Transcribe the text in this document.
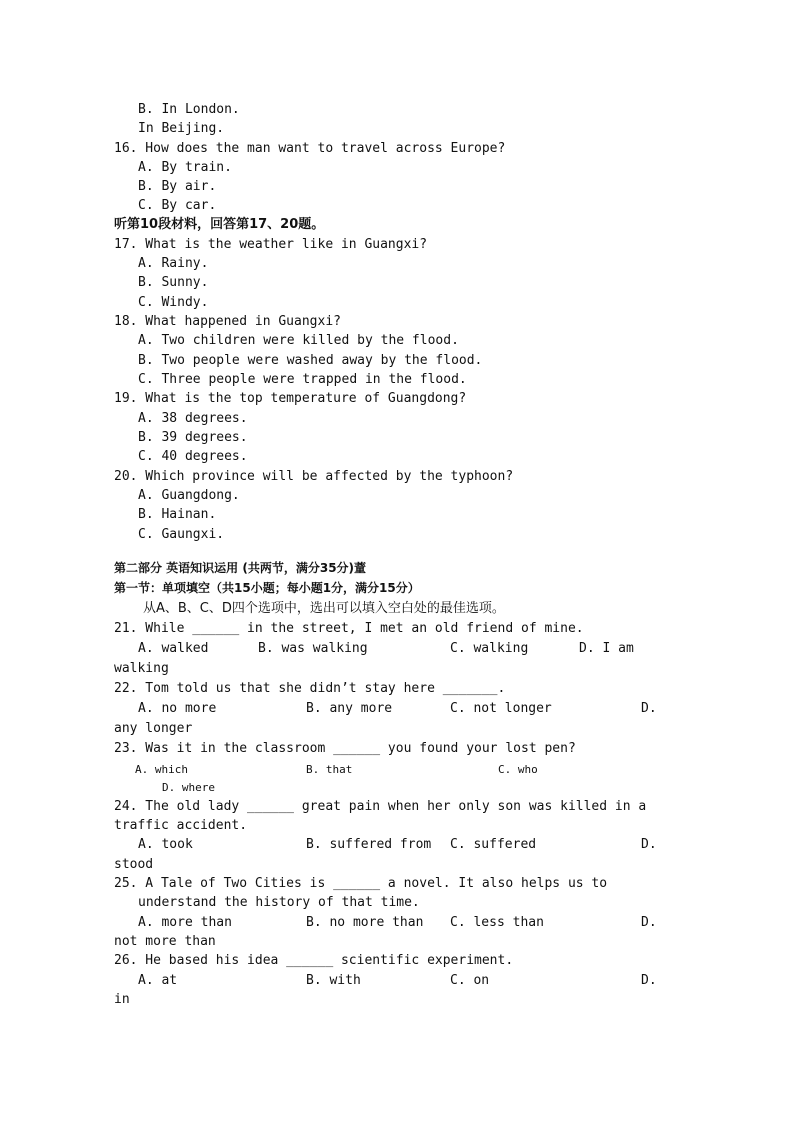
B. In London.
In Beijing.
16. How does the man want to travel across Europe?
A. By train.
B. By air.
C. By car.
听第10段材料，回答第17、20题。
17. What is the weather like in Guangxi?
A. Rainy.
B. Sunny.
C. Windy.
18. What happened in Guangxi?
A. Two children were killed by the flood.
B. Two people were washed away by the flood.
C. Three people were trapped in the flood.
19. What is the top temperature of Guangdong?
A. 38 degrees.
B. 39 degrees.
C. 40 degrees.
20. Which province will be affected by the typhoon?
A. Guangdong.
B. Hainan.
C. Gaungxi.
第二部分 英语知识运用 (共两节，满分35分)蕫
第一节：单项填空（共15小题；每小题1分，满分15分）
从A、B、C、D四个选项中，选出可以填入空白处的最佳选项。
21. While ______ in the street, I met an old friend of mine.
A. walked	B. was walking	C. walking	D. I am
walking
22. Tom told us that she didn’t stay here _______.
A. no more	B. any more	C. not longer	D.
any longer
23. Was it in the classroom ______ you found your lost pen?
A. which	B. that	C. who
D. where
24. The old lady ______ great pain when her only son was killed in a
traffic accident.
A. took	B. suffered from C. suffered	D.
stood
25. A Tale of Two Cities is ______ a novel. It also helps us to
understand the history of that time.
A. more than	B. no more than C. less than	D.
not more than
26. He based his idea ______ scientific experiment.
A. at	B. with	C. on	D.
in
